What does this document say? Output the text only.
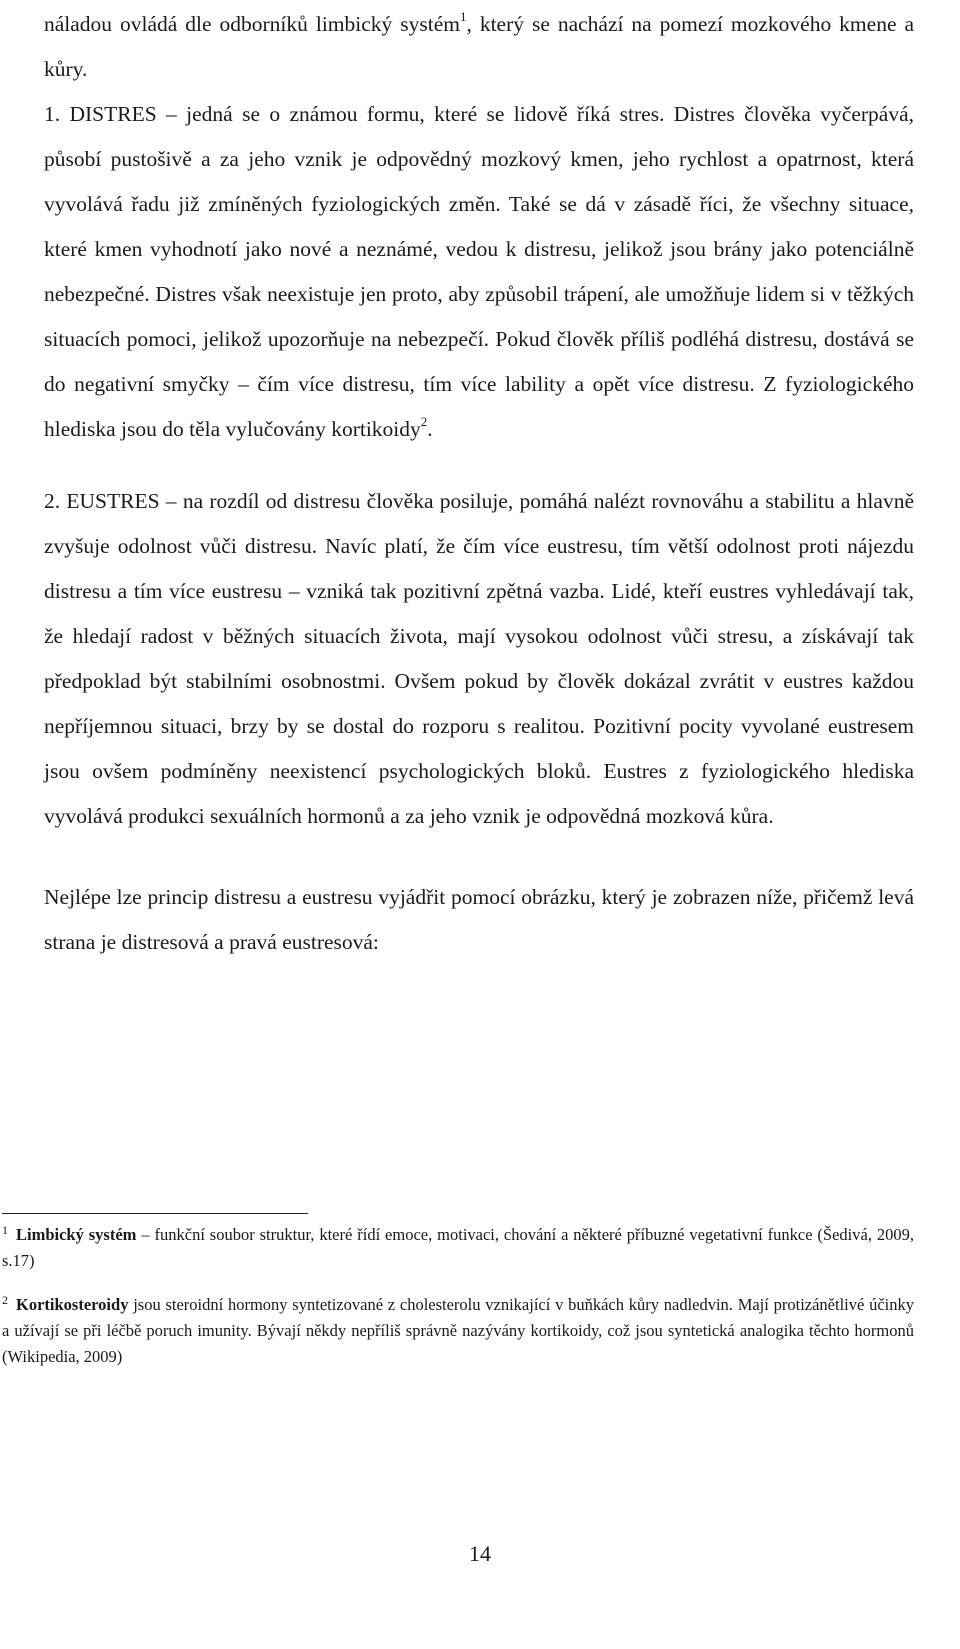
náladou ovládá dle odborníků limbický systém$^1$, který se nachází na pomezí mozkového kmene a kůry.

1. DISTRES – jedná se o známou formu, které se lidově říká stres. Distres člověka vyčerpává, působí pustošivě a za jeho vznik je odpovědný mozkový kmen, jeho rychlost a opatrnost, která vyvolává řadu již zmíněných fyziologických změn. Také se dá v zásadě říci, že všechny situace, které kmen vyhodnotí jako nové a neznámé, vedou k distresu, jelikož jsou brány jako potenciálně nebezpečné. Distres však neexistuje jen proto, aby způsobil trápení, ale umožňuje lidem si v těžkých situacích pomoci, jelikož upozorňuje na nebezpečí. Pokud člověk příliš podléhá distresu, dostává se do negativní smyčky – čím více distresu, tím více lability a opět více distresu. Z fyziologického hlediska jsou do těla vylučovány kortikoidy$^2$.

2. EUSTRES – na rozdíl od distresu člověka posiluje, pomáhá nalézt rovnováhu a stabilitu a hlavně zvyšuje odolnost vůči distresu. Navíc platí, že čím více eustresu, tím větší odolnost proti nájezdu distresu a tím více eustresu – vzniká tak pozitivní zpětná vazba. Lidé, kteří eustres vyhledávají tak, že hledají radost v běžných situacích života, mají vysokou odolnost vůči stresu, a získávají tak předpoklad být stabilními osobnostmi. Ovšem pokud by člověk dokázal zvrátit v eustres každou nepříjemnou situaci, brzy by se dostal do rozporu s realitou. Pozitivní pocity vyvolané eustresem jsou ovšem podmíněny neexistencí psychologických bloků. Eustres z fyziologického hlediska vyvolává produkci sexuálních hormonů a za jeho vznik je odpovědná mozková kůra.

Nejlépe lze princip distresu a eustresu vyjádřit pomocí obrázku, který je zobrazen níže, přičemž levá strana je distresová a pravá eustresová:

$^1$ Limbický systém – funkční soubor struktur, které řídí emoce, motivaci, chování a některé příbuzné vegetativní funkce (Šedivá, 2009, s.17)

$^2$ Kortikosteroidy jsou steroidní hormony syntetizované z cholesterolu vznikající v buňkách kůry nadledvin. Mají protizánětlivé účinky a užívají se při léčbě poruch imunity. Bývají někdy nepříliš správně nazývány kortikoidy, což jsou syntetická analogika těchto hormonů (Wikipedia, 2009)

14
